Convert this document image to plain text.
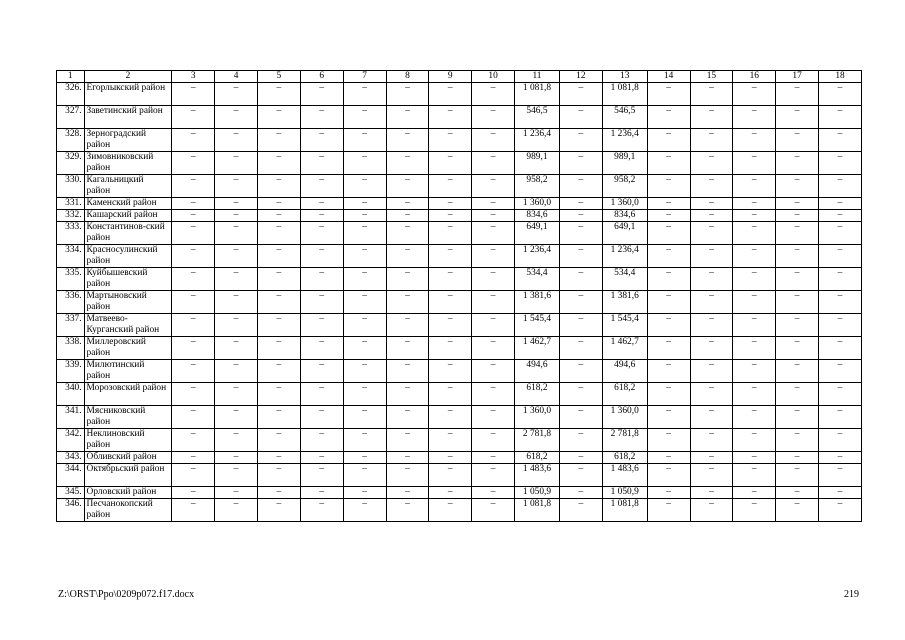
1	2	3	4	5	6	7	8	9	10	11	12	13	14	15	16	17	18
326.	Егорлыкский район	–	–	–	–	–	–	–	–	1 081,8	–	1 081,8	–	–	–	–	–
327.	Заветинский район	–	–	–	–	–	–	–	–	546,5	–	546,5	–	–	–	–	–
328.	Зерноградский район	–	–	–	–	–	–	–	–	1 236,4	–	1 236,4	–	–	–	–	–
329.	Зимовниковский район	–	–	–	–	–	–	–	–	989,1	–	989,1	–	–	–	–	–
330.	Кагальницкий район	–	–	–	–	–	–	–	–	958,2	–	958,2	–	–	–	–	–
331.	Каменский район	–	–	–	–	–	–	–	–	1 360,0	–	1 360,0	–	–	–	–	–
332.	Кашарский район	–	–	–	–	–	–	–	–	834,6	–	834,6	–	–	–	–	–
333.	Константинов-ский район	–	–	–	–	–	–	–	–	649,1	–	649,1	–	–	–	–	–
334.	Красносулинский район	–	–	–	–	–	–	–	–	1 236,4	–	1 236,4	–	–	–	–	–
335.	Куйбышевский район	–	–	–	–	–	–	–	–	534,4	–	534,4	–	–	–	–	–
336.	Мартыновский район	–	–	–	–	–	–	–	–	1 381,6	–	1 381,6	–	–	–	–	–
337.	Матвеево-Курганский район	–	–	–	–	–	–	–	–	1 545,4	–	1 545,4	–	–	–	–	–
338.	Миллеровский район	–	–	–	–	–	–	–	–	1 462,7	–	1 462,7	–	–	–	–	–
339.	Милютинский район	–	–	–	–	–	–	–	–	494,6	–	494,6	–	–	–	–	–
340.	Морозовский район	–	–	–	–	–	–	–	–	618,2	–	618,2	–	–	–	–	–
341.	Мясниковский район	–	–	–	–	–	–	–	–	1 360,0	–	1 360,0	–	–	–	–	–
342.	Неклиновский район	–	–	–	–	–	–	–	–	2 781,8	–	2 781,8	–	–	–	–	–
343.	Обливский район	–	–	–	–	–	–	–	–	618,2	–	618,2	–	–	–	–	–
344.	Октябрьский район	–	–	–	–	–	–	–	–	1 483,6	–	1 483,6	–	–	–	–	–
345.	Орловский район	–	–	–	–	–	–	–	–	1 050,9	–	1 050,9	–	–	–	–	–
346.	Песчанокопский район	–	–	–	–	–	–	–	–	1 081,8	–	1 081,8	–	–	–	–	–
Z:\ORST\Ppo\0209p072.f17.docx	219
